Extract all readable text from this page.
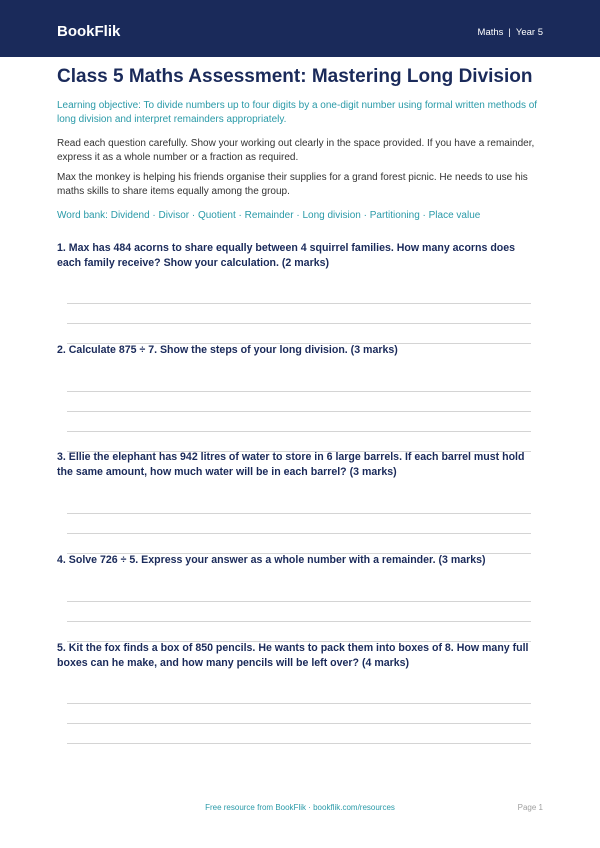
BookFlik	Maths | Year 5
Class 5 Maths Assessment: Mastering Long Division

Learning objective: To divide numbers up to four digits by a one-digit number using formal written methods of long division and interpret remainders appropriately.

Read each question carefully. Show your working out clearly in the space provided. If you have a remainder, express it as a whole number or a fraction as required.

Max the monkey is helping his friends organise their supplies for a grand forest picnic. He needs to use his maths skills to share items equally among the group.

Word bank: Dividend · Divisor · Quotient · Remainder · Long division · Partitioning · Place value

1. Max has 484 acorns to share equally between 4 squirrel families. How many acorns does each family receive? Show your calculation. (2 marks)

2. Calculate 875 ÷ 7. Show the steps of your long division. (3 marks)

3. Ellie the elephant has 942 litres of water to store in 6 large barrels. If each barrel must hold the same amount, how much water will be in each barrel? (3 marks)

4. Solve 726 ÷ 5. Express your answer as a whole number with a remainder. (3 marks)

5. Kit the fox finds a box of 850 pencils. He wants to pack them into boxes of 8. How many full boxes can he make, and how many pencils will be left over? (4 marks)

Free resource from BookFlik · bookflik.com/resources	Page 1
